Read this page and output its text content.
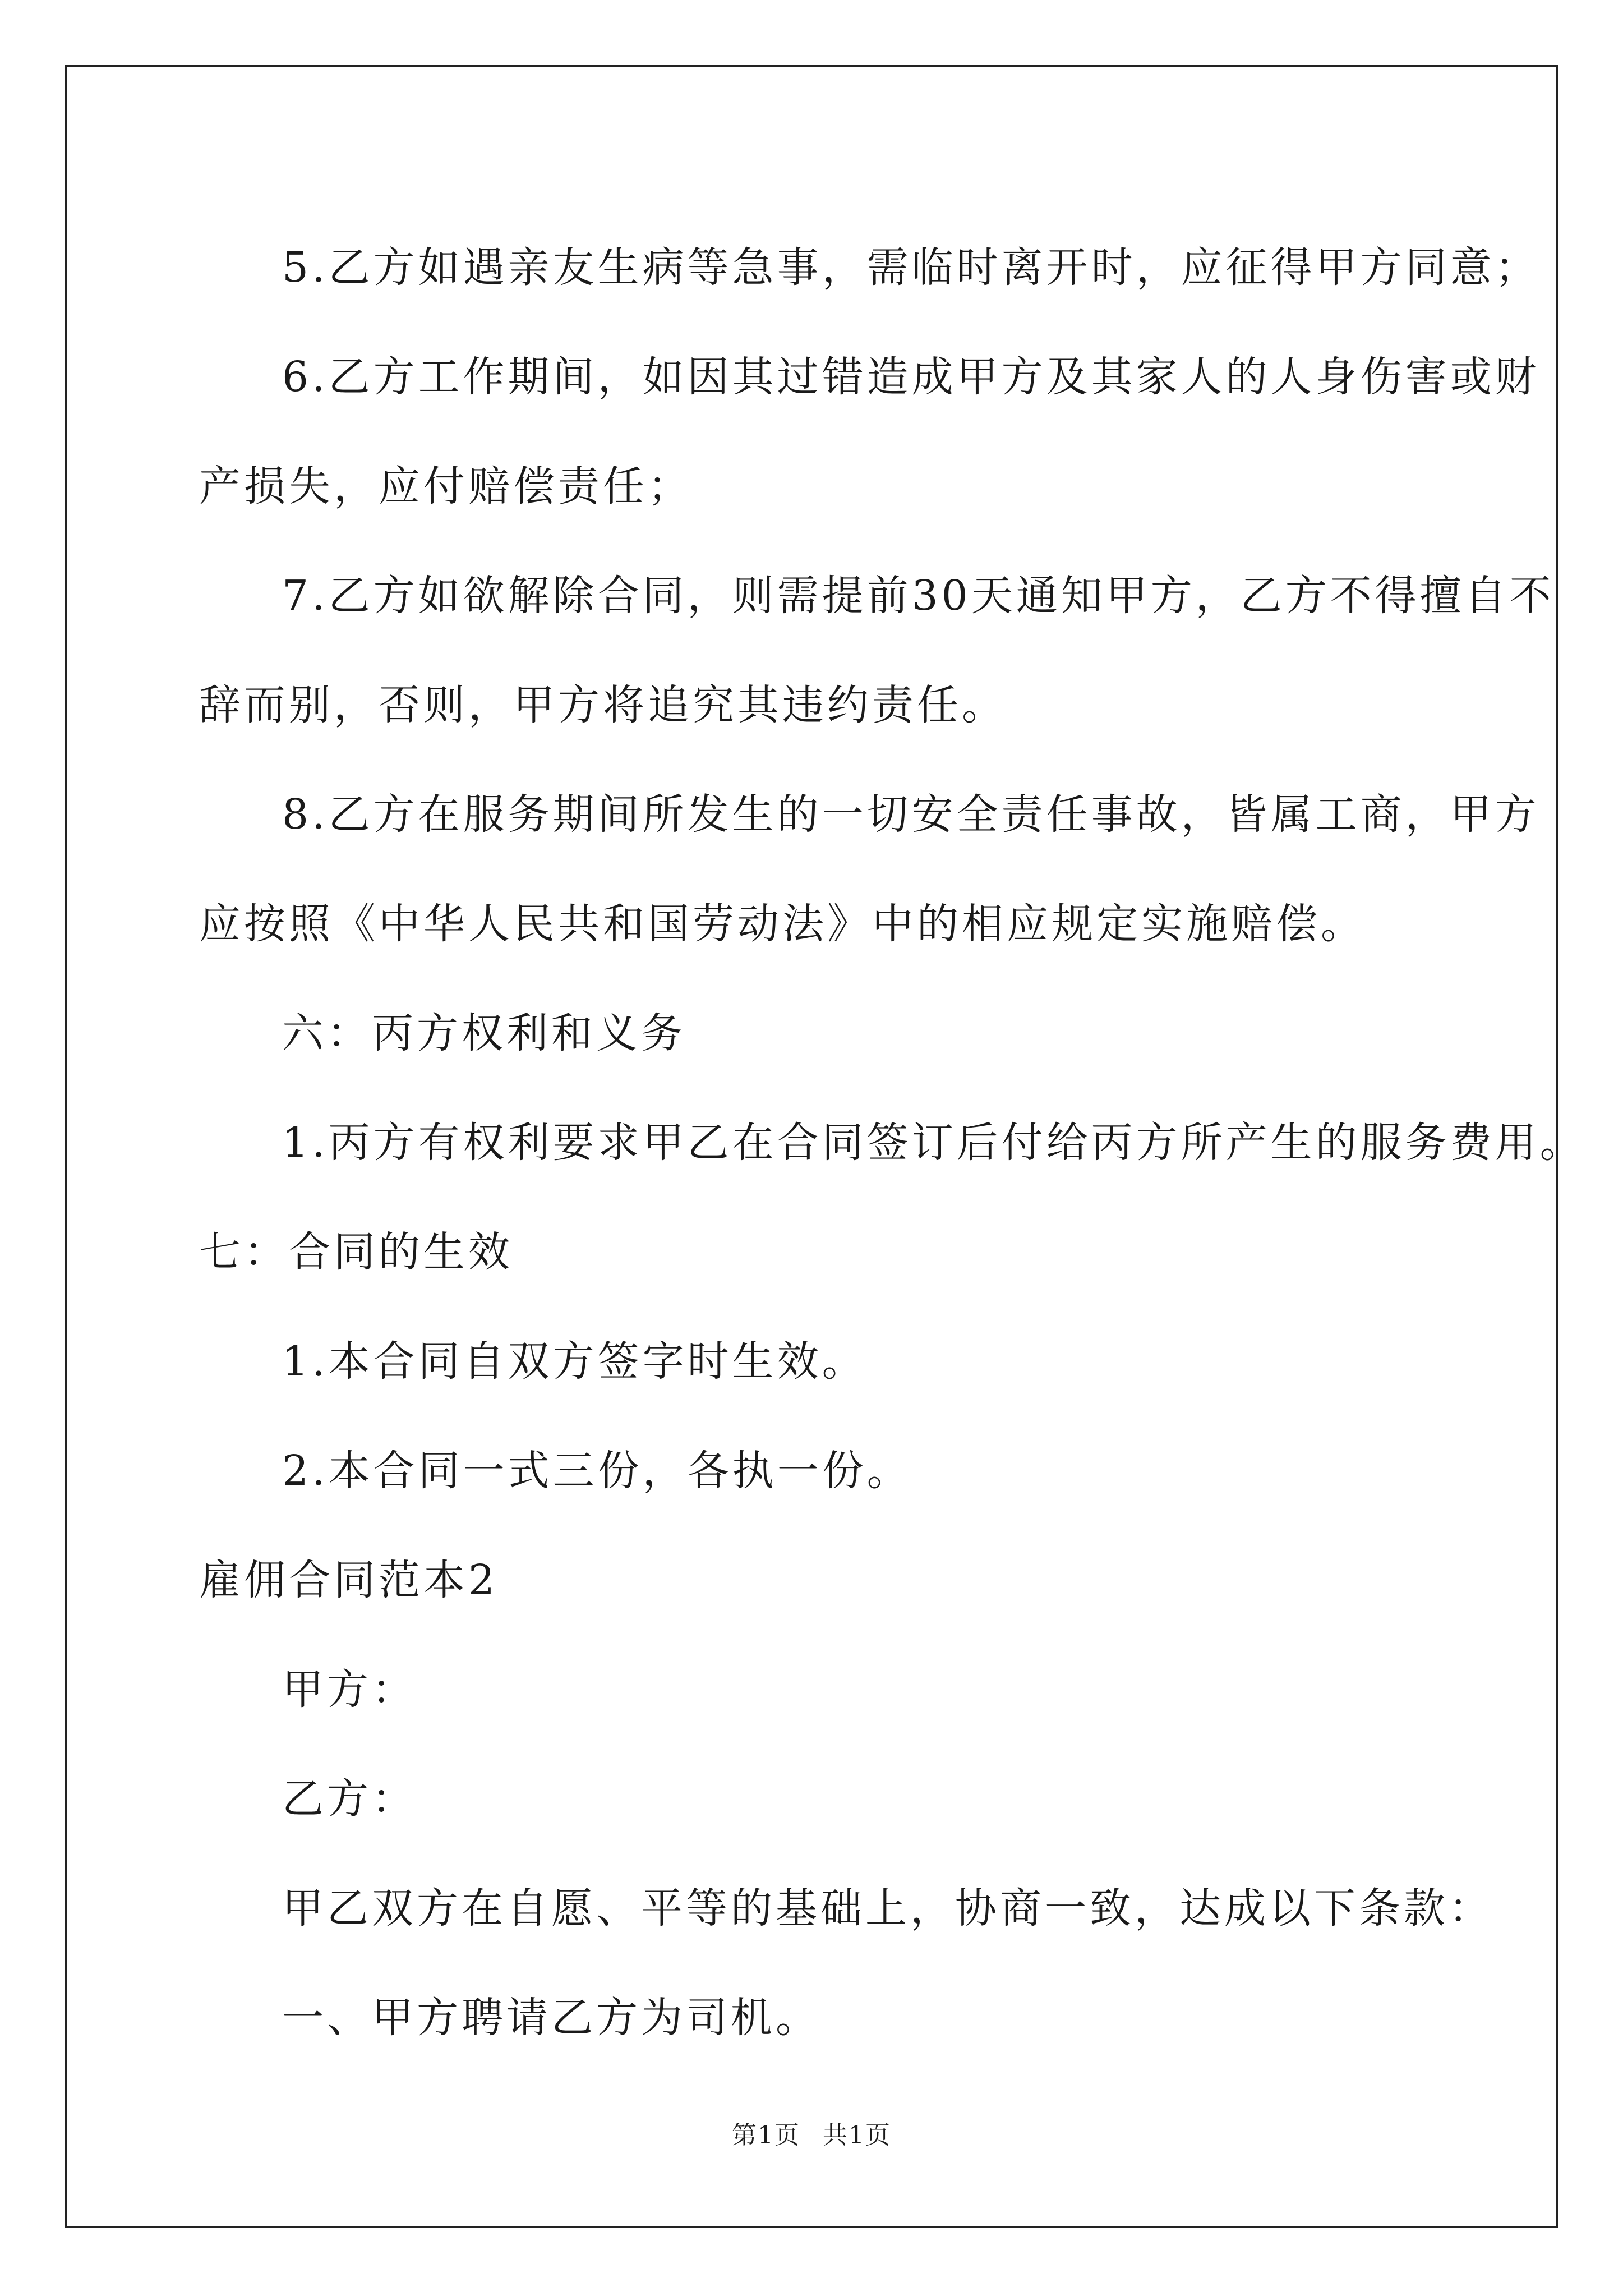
5.乙方如遇亲友生病等急事，需临时离开时，应征得甲方同意；
6.乙方工作期间，如因其过错造成甲方及其家人的人身伤害或财
产损失，应付赔偿责任；
7.乙方如欲解除合同，则需提前30天通知甲方，乙方不得擅自不
辞而别，否则，甲方将追究其违约责任。
8.乙方在服务期间所发生的一切安全责任事故，皆属工商，甲方
应按照《中华人民共和国劳动法》中的相应规定实施赔偿。
六：丙方权利和义务
1.丙方有权利要求甲乙在合同签订后付给丙方所产生的服务费用。
七：合同的生效
1.本合同自双方签字时生效。
2.本合同一式三份，各执一份。
雇佣合同范本2
甲方：
乙方：
甲乙双方在自愿、平等的基础上，协商一致，达成以下条款：
一、甲方聘请乙方为司机。
第1页 共1页
